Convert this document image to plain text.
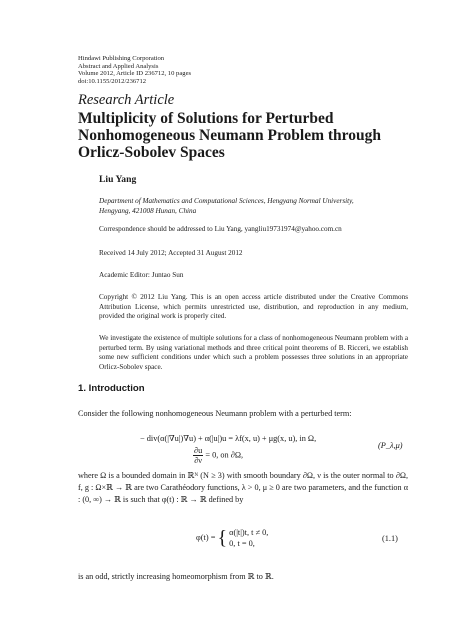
Hindawi Publishing Corporation
Abstract and Applied Analysis
Volume 2012, Article ID 236712, 10 pages
doi:10.1155/2012/236712
Research Article
Multiplicity of Solutions for Perturbed
Nonhomogeneous Neumann Problem through
Orlicz-Sobolev Spaces
Liu Yang
Department of Mathematics and Computational Sciences, Hengyang Normal University,
Hengyang, 421008 Hunan, China
Correspondence should be addressed to Liu Yang, yangliu19731974@yahoo.com.cn
Received 14 July 2012; Accepted 31 August 2012
Academic Editor: Juntao Sun
Copyright © 2012 Liu Yang. This is an open access article distributed under the Creative Commons Attribution License, which permits unrestricted use, distribution, and reproduction in any medium, provided the original work is properly cited.
We investigate the existence of multiple solutions for a class of nonhomogeneous Neumann problem with a perturbed term. By using variational methods and three critical point theorems of B. Ricceri, we establish some new sufficient conditions under which such a problem possesses three solutions in an appropriate Orlicz-Sobolev space.
1. Introduction
Consider the following nonhomogeneous Neumann problem with a perturbed term:
− div(α(|∇u|)∇u) + α(|u|)u = λf(x, u) + μg(x, u), in Ω,
$\frac{\partial u}{\partial\nu} = 0$, on ∂Ω,
(P_λ,μ)
where Ω is a bounded domain in ℝᴺ (N ≥ 3) with smooth boundary ∂Ω, ν is the outer normal to ∂Ω, f, g : Ω×ℝ → ℝ are two Carathéodory functions, λ > 0, μ ≥ 0 are two parameters, and the function α : (0, ∞) → ℝ is such that φ(t) : ℝ → ℝ defined by
φ(t) = { α(|t|)t, t ≠ 0,
0, t = 0,
(1.1)
is an odd, strictly increasing homeomorphism from ℝ to ℝ.
